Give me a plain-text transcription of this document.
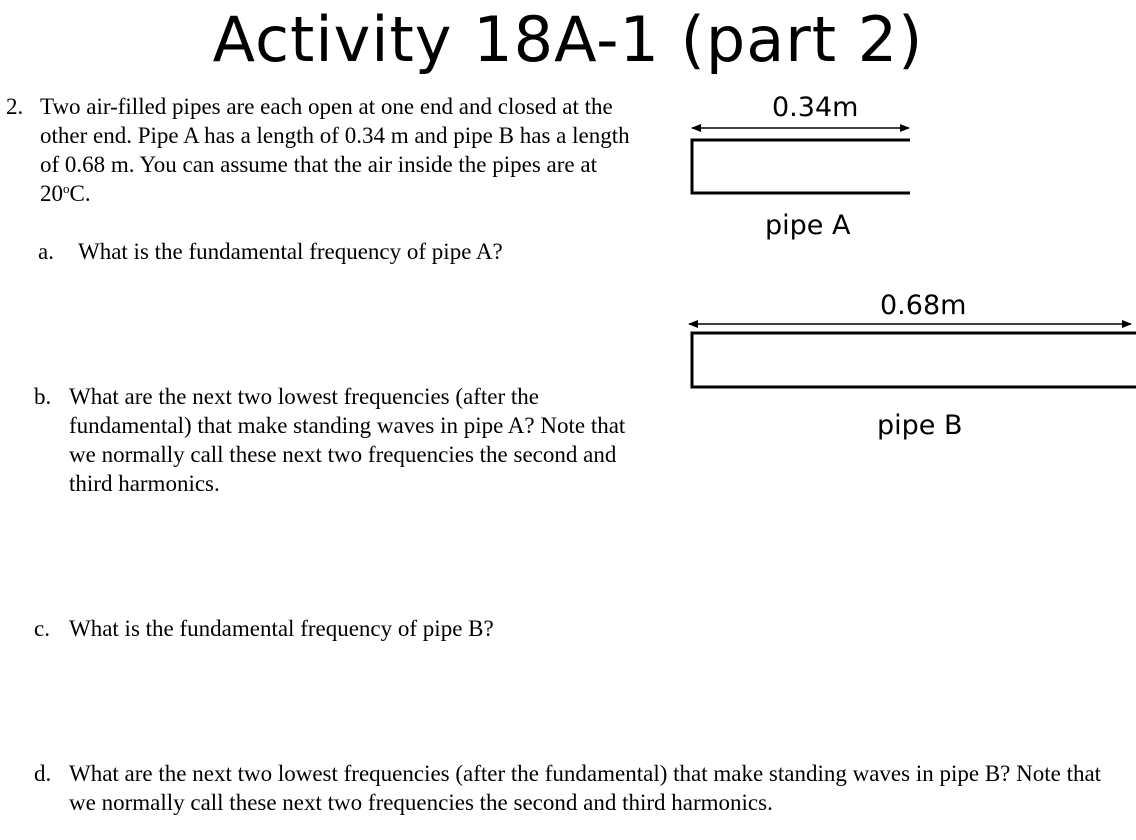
Activity 18A-1 (part 2)
2. Two air-filled pipes are each open at one end and closed at the other end. Pipe A has a length of 0.34 m and pipe B has a length of 0.68 m. You can assume that the air inside the pipes are at 20$^o$C.
a. What is the fundamental frequency of pipe A?
b. What are the next two lowest frequencies (after the fundamental) that make standing waves in pipe A? Note that we normally call these next two frequencies the second and third harmonics.
c. What is the fundamental frequency of pipe B?
d. What are the next two lowest frequencies (after the fundamental) that make standing waves in pipe B? Note that we normally call these next two frequencies the second and third harmonics.
0.34m
pipe A
0.68m
pipe B
